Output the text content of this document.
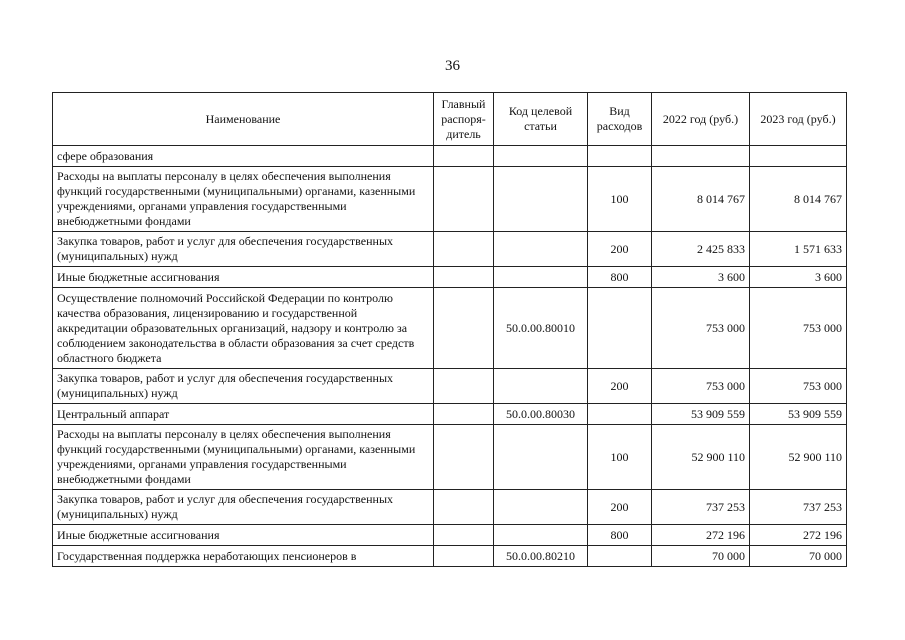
36
Наименование	Главный распоря-дитель	Код целевой статьи	Вид расходов	2022 год (руб.)	2023 год (руб.)
сфере образования					
Расходы на выплаты персоналу в целях обеспечения выполнения функций государственными (муниципальными) органами, казенными учреждениями, органами управления государственными внебюджетными фондами			100	8 014 767	8 014 767
Закупка товаров, работ и услуг для обеспечения государственных (муниципальных) нужд			200	2 425 833	1 571 633
Иные бюджетные ассигнования			800	3 600	3 600
Осуществление полномочий Российской Федерации по контролю качества образования, лицензированию и государственной аккредитации образовательных организаций, надзору и контролю за соблюдением законодательства в области образования за счет средств областного бюджета		50.0.00.80010		753 000	753 000
Закупка товаров, работ и услуг для обеспечения государственных (муниципальных) нужд			200	753 000	753 000
Центральный аппарат		50.0.00.80030		53 909 559	53 909 559
Расходы на выплаты персоналу в целях обеспечения выполнения функций государственными (муниципальными) органами, казенными учреждениями, органами управления государственными внебюджетными фондами			100	52 900 110	52 900 110
Закупка товаров, работ и услуг для обеспечения государственных (муниципальных) нужд			200	737 253	737 253
Иные бюджетные ассигнования			800	272 196	272 196
Государственная поддержка неработающих пенсионеров в		50.0.00.80210		70 000	70 000
